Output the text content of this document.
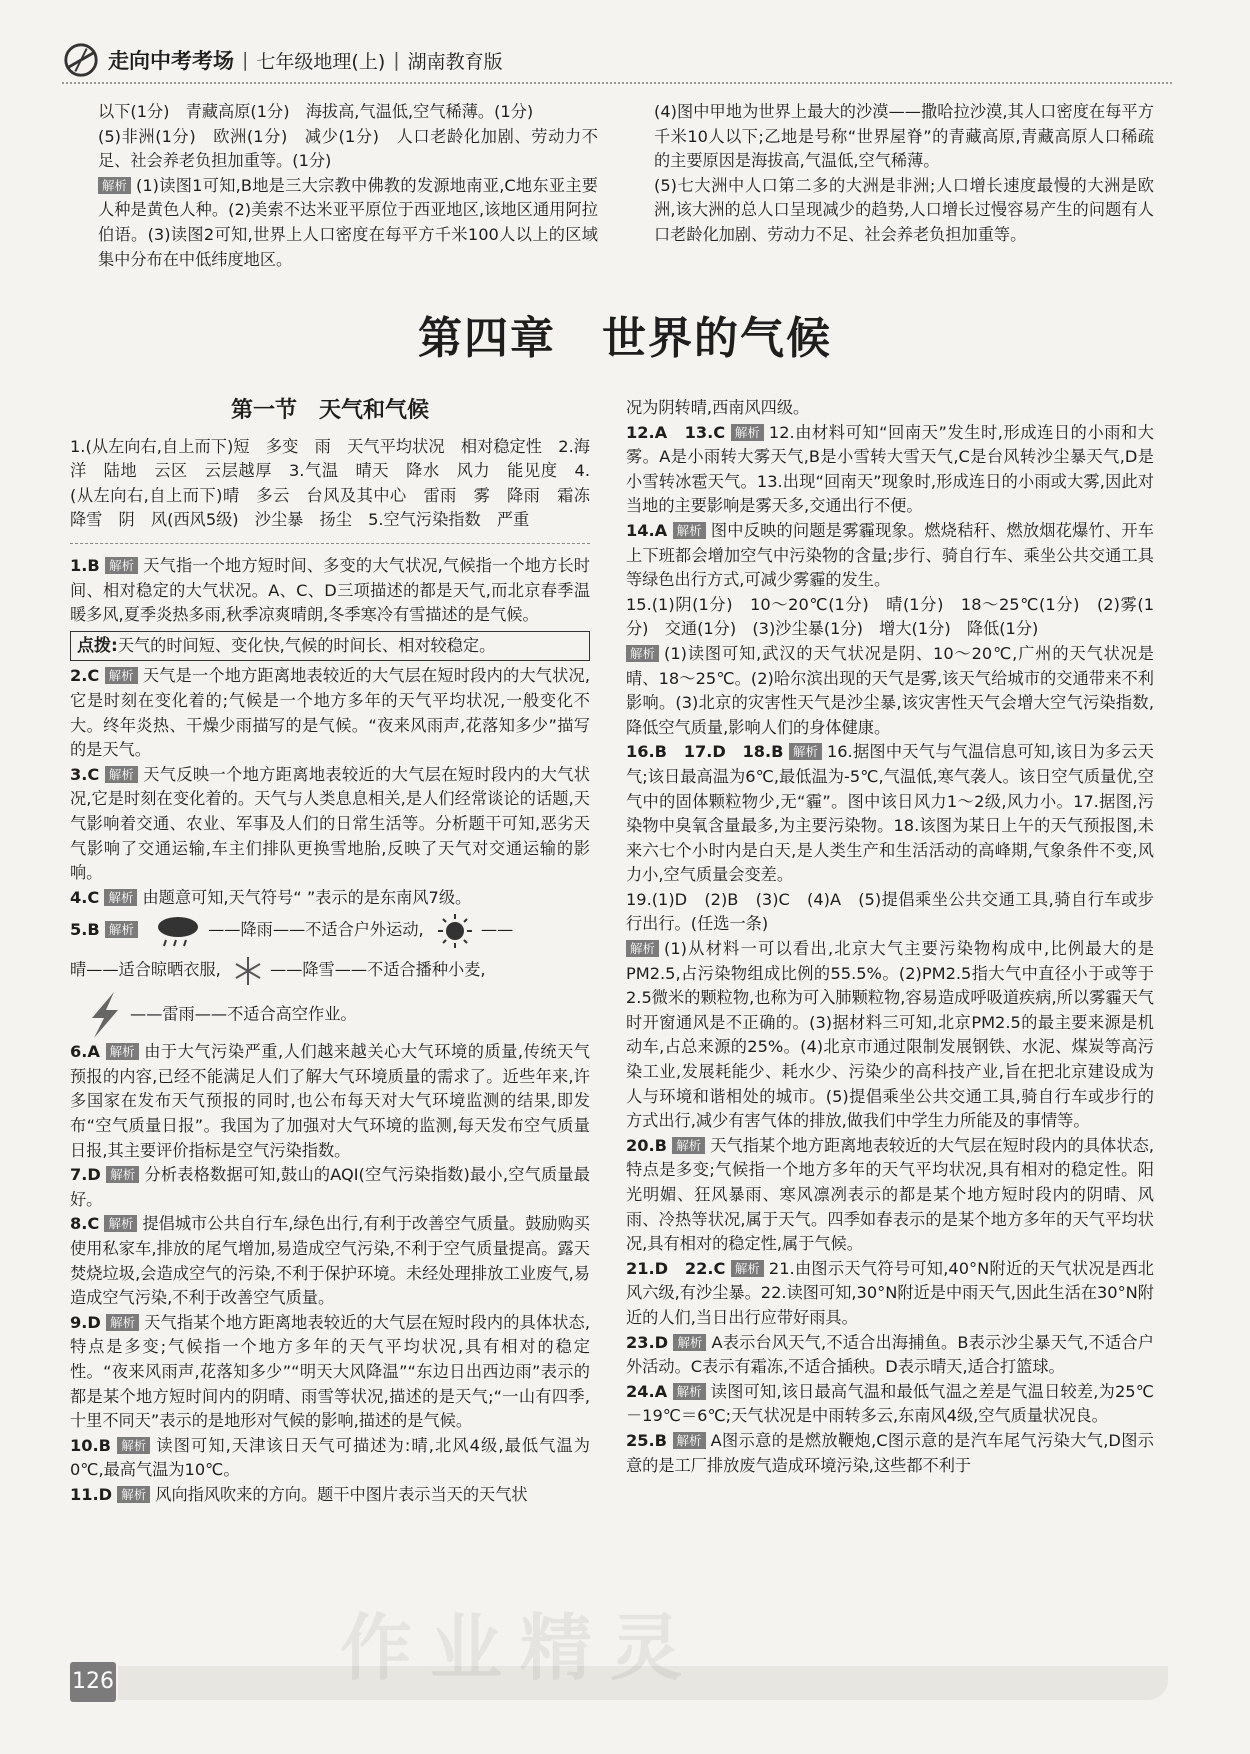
走向中考考场 | 七年级地理(上) | 湖南教育版

以下(1分)　青藏高原(1分)　海拔高,气温低,空气稀薄。(1分)

(5)非洲(1分)　欧洲(1分)　减少(1分)　人口老龄化加剧、劳动力不足、社会养老负担加重等。(1分)

解析 (1)读图1可知,B地是三大宗教中佛教的发源地南亚,C地东亚主要人种是黄色人种。(2)美索不达米亚平原位于西亚地区,该地区通用阿拉伯语。(3)读图2可知,世界上人口密度在每平方千米100人以上的区域集中分布在中低纬度地区。

(4)图中甲地为世界上最大的沙漠——撒哈拉沙漠,其人口密度在每平方千米10人以下;乙地是号称“世界屋脊”的青藏高原,青藏高原人口稀疏的主要原因是海拔高,气温低,空气稀薄。

(5)七大洲中人口第二多的大洲是非洲;人口增长速度最慢的大洲是欧洲,该大洲的总人口呈现减少的趋势,人口增长过慢容易产生的问题有人口老龄化加剧、劳动力不足、社会养老负担加重等。

第四章　世界的气候
第一节　天气和气候

1.(从左向右,自上而下)短　多变　雨　天气平均状况　相对稳定性　2.海洋　陆地　云区　云层越厚　3.气温　晴天　降水　风力　能见度　4.(从左向右,自上而下)晴　多云　台风及其中心　雷雨　雾　降雨　霜冻　降雪　阴　风(西风5级)　沙尘暴　扬尘　5.空气污染指数　严重

1.B 解析 天气指一个地方短时间、多变的大气状况,气候指一个地方长时间、相对稳定的大气状况。A、C、D三项描述的都是天气,而北京春季温暖多风,夏季炎热多雨,秋季凉爽晴朗,冬季寒冷有雪描述的是气候。

点拨:天气的时间短、变化快,气候的时间长、相对较稳定。

2.C 解析 天气是一个地方距离地表较近的大气层在短时段内的大气状况,它是时刻在变化着的;气候是一个地方多年的天气平均状况,一般变化不大。终年炎热、干燥少雨描写的是气候。“夜来风雨声,花落知多少”描写的是天气。

3.C 解析 天气反映一个地方距离地表较近的大气层在短时段内的大气状况,它是时刻在变化着的。天气与人类息息相关,是人们经常谈论的话题,天气影响着交通、农业、军事及人们的日常生活等。分析题干可知,恶劣天气影响了交通运输,车主们排队更换雪地胎,反映了天气对交通运输的影响。

4.C 解析 由题意可知,天气符号“ ”表示的是东南风7级。

5.B 解析	——降雨——不适合户外运动,	——
晴——适合晾晒衣服,	——降雪——不适合播种小麦,
——雷雨——不适合高空作业。

6.A 解析 由于大气污染严重,人们越来越关心大气环境的质量,传统天气预报的内容,已经不能满足人们了解大气环境质量的需求了。近些年来,许多国家在发布天气预报的同时,也公布每天对大气环境监测的结果,即发布“空气质量日报”。我国为了加强对大气环境的监测,每天发布空气质量日报,其主要评价指标是空气污染指数。

7.D 解析 分析表格数据可知,鼓山的AQI(空气污染指数)最小,空气质量最好。

8.C 解析 提倡城市公共自行车,绿色出行,有利于改善空气质量。鼓励购买使用私家车,排放的尾气增加,易造成空气污染,不利于空气质量提高。露天焚烧垃圾,会造成空气的污染,不利于保护环境。未经处理排放工业废气,易造成空气污染,不利于改善空气质量。

9.D 解析 天气指某个地方距离地表较近的大气层在短时段内的具体状态,特点是多变;气候指一个地方多年的天气平均状况,具有相对的稳定性。“夜来风雨声,花落知多少”“明天大风降温”“东边日出西边雨”表示的都是某个地方短时间内的阴晴、雨雪等状况,描述的是天气;“一山有四季,十里不同天”表示的是地形对气候的影响,描述的是气候。

10.B 解析 读图可知,天津该日天气可描述为:晴,北风4级,最低气温为0℃,最高气温为10℃。

11.D 解析 风向指风吹来的方向。题干中图片表示当天的天气状

况为阴转晴,西南风四级。

12.A　13.C 解析 12.由材料可知“回南天”发生时,形成连日的小雨和大雾。A是小雨转大雾天气,B是小雪转大雪天气,C是台风转沙尘暴天气,D是小雪转冰雹天气。13.出现“回南天”现象时,形成连日的小雨或大雾,因此对当地的主要影响是雾天多,交通出行不便。

14.A 解析 图中反映的问题是雾霾现象。燃烧秸秆、燃放烟花爆竹、开车上下班都会增加空气中污染物的含量;步行、骑自行车、乘坐公共交通工具等绿色出行方式,可减少雾霾的发生。

15.(1)阴(1分)　10～20℃(1分)　晴(1分)　18～25℃(1分)　(2)雾(1分)　交通(1分)　(3)沙尘暴(1分)　增大(1分)　降低(1分)

解析 (1)读图可知,武汉的天气状况是阴、10～20℃,广州的天气状况是晴、18～25℃。(2)哈尔滨出现的天气是雾,该天气给城市的交通带来不利影响。(3)北京的灾害性天气是沙尘暴,该灾害性天气会增大空气污染指数,降低空气质量,影响人们的身体健康。

16.B　17.D　18.B 解析 16.据图中天气与气温信息可知,该日为多云天气;该日最高温为6℃,最低温为-5℃,气温低,寒气袭人。该日空气质量优,空气中的固体颗粒物少,无“霾”。图中该日风力1～2级,风力小。17.据图,污染物中臭氧含量最多,为主要污染物。18.该图为某日上午的天气预报图,未来六七个小时内是白天,是人类生产和生活活动的高峰期,气象条件不变,风力小,空气质量会变差。

19.(1)D　(2)B　(3)C　(4)A　(5)提倡乘坐公共交通工具,骑自行车或步行出行。(任选一条)

解析 (1)从材料一可以看出,北京大气主要污染物构成中,比例最大的是PM2.5,占污染物组成比例的55.5%。(2)PM2.5指大气中直径小于或等于2.5微米的颗粒物,也称为可入肺颗粒物,容易造成呼吸道疾病,所以雾霾天气时开窗通风是不正确的。(3)据材料三可知,北京PM2.5的最主要来源是机动车,占总来源的25%。(4)北京市通过限制发展钢铁、水泥、煤炭等高污染工业,发展耗能少、耗水少、污染少的高科技产业,旨在把北京建设成为人与环境和谐相处的城市。(5)提倡乘坐公共交通工具,骑自行车或步行的方式出行,减少有害气体的排放,做我们中学生力所能及的事情等。

20.B 解析 天气指某个地方距离地表较近的大气层在短时段内的具体状态,特点是多变;气候指一个地方多年的天气平均状况,具有相对的稳定性。阳光明媚、狂风暴雨、寒风凛冽表示的都是某个地方短时段内的阴晴、风雨、冷热等状况,属于天气。四季如春表示的是某个地方多年的天气平均状况,具有相对的稳定性,属于气候。

21.D　22.C 解析 21.由图示天气符号可知,40°N附近的天气状况是西北风六级,有沙尘暴。22.读图可知,30°N附近是中雨天气,因此生活在30°N附近的人们,当日出行应带好雨具。

23.D 解析 A表示台风天气,不适合出海捕鱼。B表示沙尘暴天气,不适合户外活动。C表示有霜冻,不适合插秧。D表示晴天,适合打篮球。

24.A 解析 读图可知,该日最高气温和最低气温之差是气温日较差,为25℃－19℃＝6℃;天气状况是中雨转多云,东南风4级,空气质量状况良。

25.B 解析 A图示意的是燃放鞭炮,C图示意的是汽车尾气污染大气,D图示意的是工厂排放废气造成环境污染,这些都不利于

126	作业精灵
